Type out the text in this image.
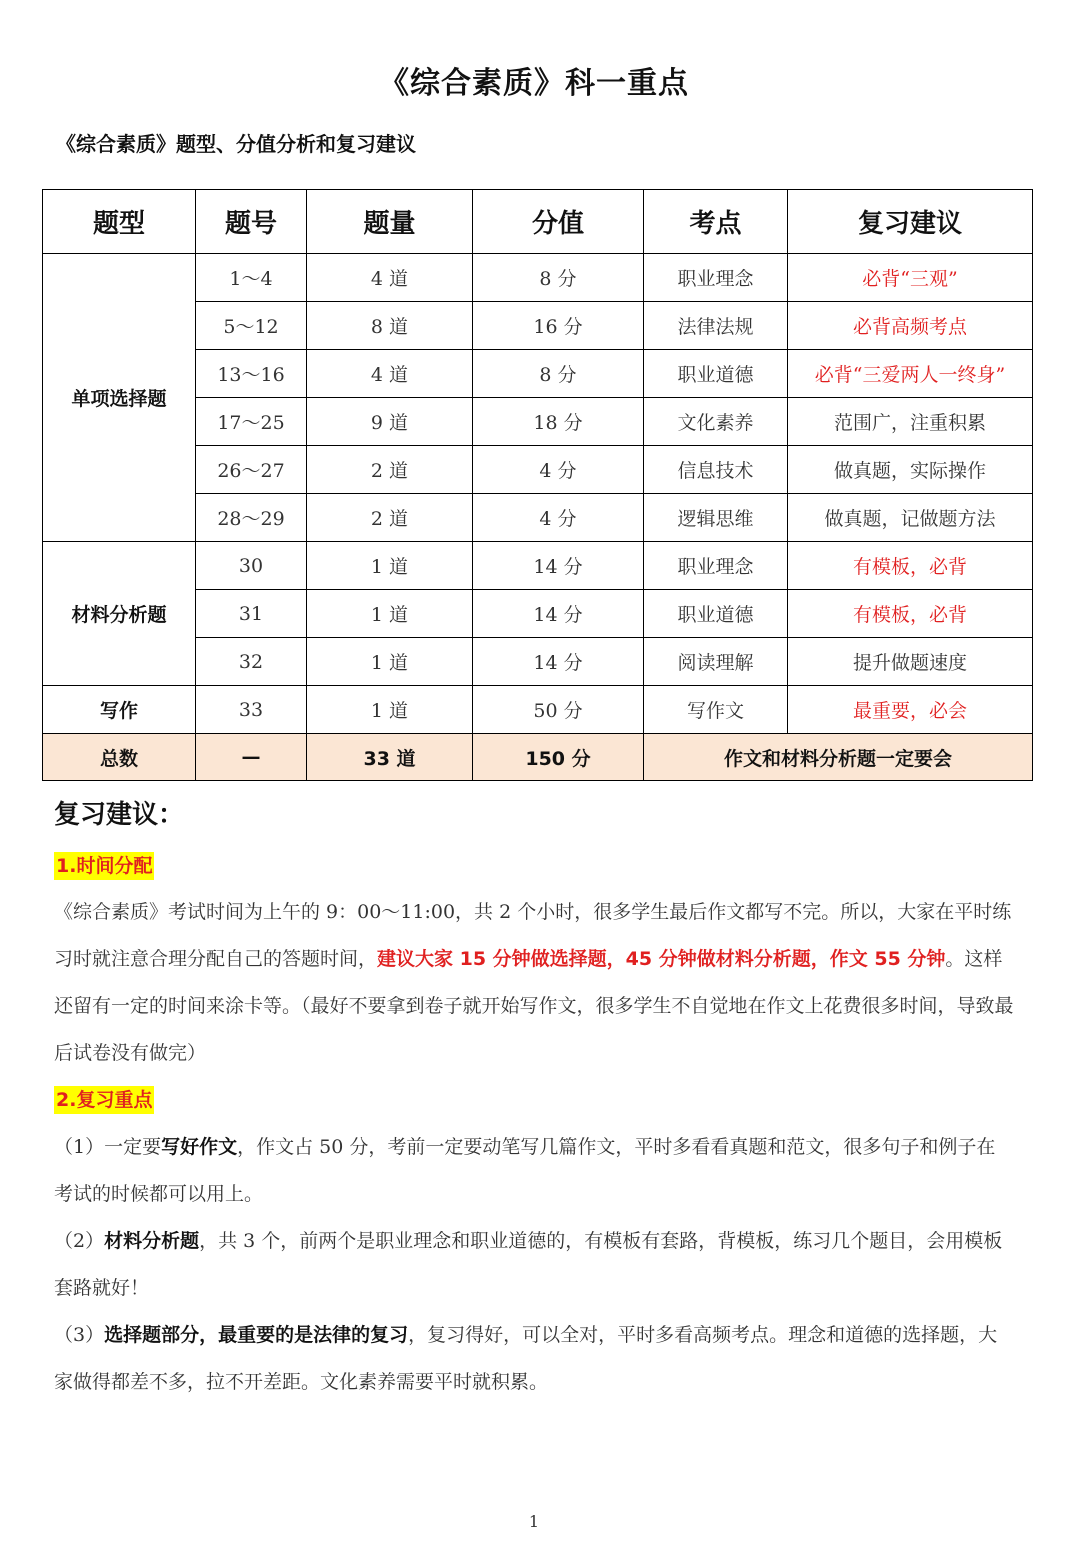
《综合素质》科一重点
《综合素质》题型、分值分析和复习建议
题型	题号	题量	分值	考点	复习建议
单项选择题	1～4	4 道	8 分	职业理念	必背“三观”
	5～12	8 道	16 分	法律法规	必背高频考点
	13～16	4 道	8 分	职业道德	必背“三爱两人一终身”
	17～25	9 道	18 分	文化素养	范围广，注重积累
	26～27	2 道	4 分	信息技术	做真题，实际操作
	28～29	2 道	4 分	逻辑思维	做真题，记做题方法
材料分析题	30	1 道	14 分	职业理念	有模板，必背
	31	1 道	14 分	职业道德	有模板，必背
	32	1 道	14 分	阅读理解	提升做题速度
写作	33	1 道	50 分	写作文	最重要，必会
总数	—	33 道	150 分	作文和材料分析题一定要会	
复习建议：
1.时间分配
《综合素质》考试时间为上午的 9：00～11:00，共 2 个小时，很多学生最后作文都写不完。所以，大家在平时练习时就注意合理分配自己的答题时间，建议大家 15 分钟做选择题，45 分钟做材料分析题，作文 55 分钟。这样还留有一定的时间来涂卡等。（最好不要拿到卷子就开始写作文，很多学生不自觉地在作文上花费很多时间，导致最后试卷没有做完）
2.复习重点
（1）一定要写好作文，作文占 50 分，考前一定要动笔写几篇作文，平时多看看真题和范文，很多句子和例子在考试的时候都可以用上。
（2）材料分析题，共 3 个，前两个是职业理念和职业道德的，有模板有套路，背模板，练习几个题目，会用模板套路就好！
（3）选择题部分，最重要的是法律的复习，复习得好，可以全对，平时多看高频考点。理念和道德的选择题，大家做得都差不多，拉不开差距。文化素养需要平时就积累。
1
